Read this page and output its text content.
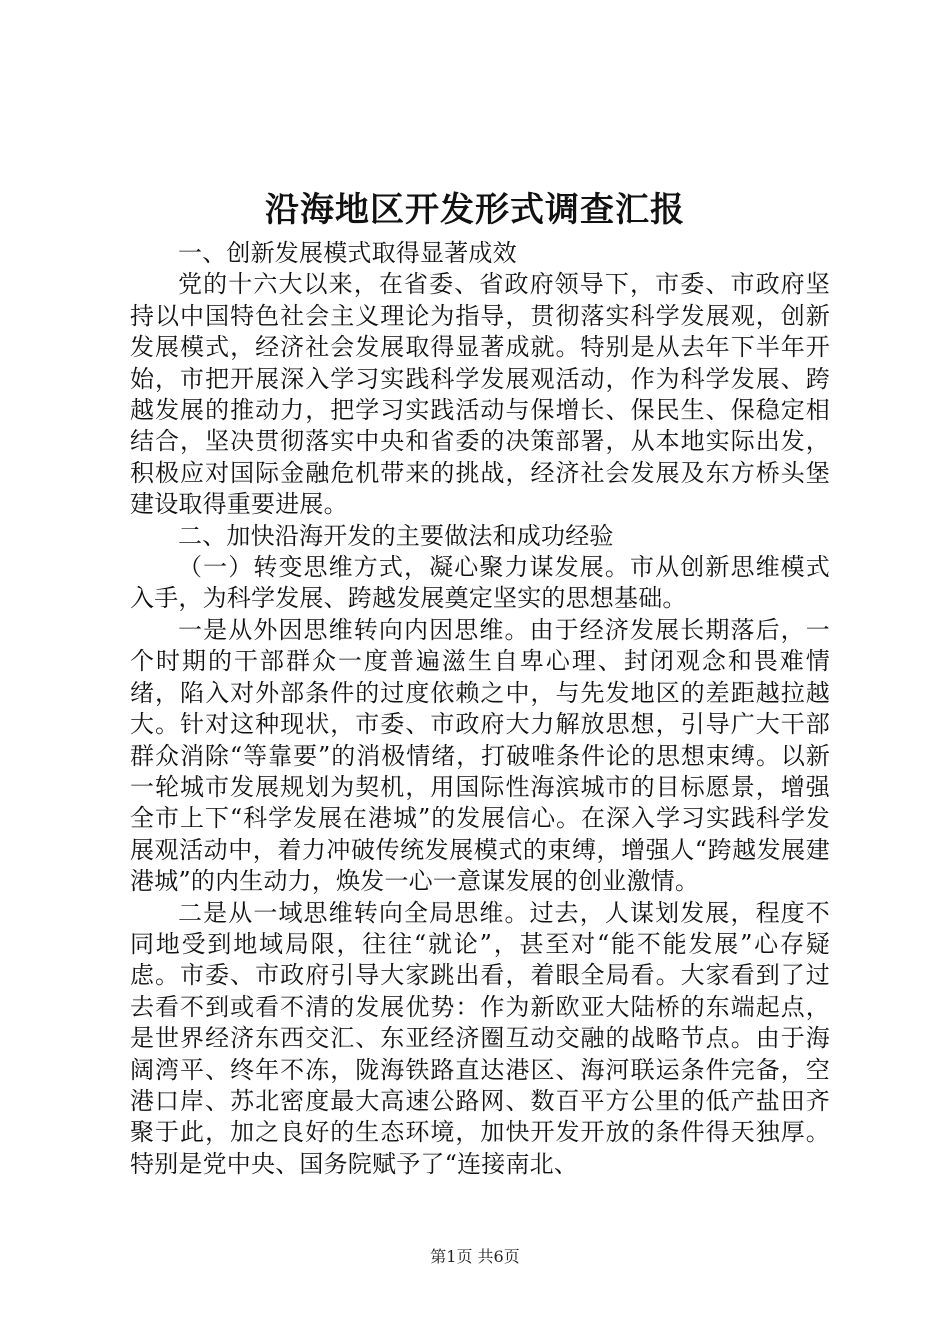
沿海地区开发形式调查汇报

一、创新发展模式取得显著成效

党的十六大以来，在省委、省政府领导下，市委、市政府坚持以中国特色社会主义理论为指导，贯彻落实科学发展观，创新发展模式，经济社会发展取得显著成就。特别是从去年下半年开始，市把开展深入学习实践科学发展观活动，作为科学发展、跨越发展的推动力，把学习实践活动与保增长、保民生、保稳定相结合，坚决贯彻落实中央和省委的决策部署，从本地实际出发，积极应对国际金融危机带来的挑战，经济社会发展及东方桥头堡建设取得重要进展。

二、加快沿海开发的主要做法和成功经验

（一）转变思维方式，凝心聚力谋发展。市从创新思维模式入手，为科学发展、跨越发展奠定坚实的思想基础。

一是从外因思维转向内因思维。由于经济发展长期落后，一个时期的干部群众一度普遍滋生自卑心理、封闭观念和畏难情绪，陷入对外部条件的过度依赖之中，与先发地区的差距越拉越大。针对这种现状，市委、市政府大力解放思想，引导广大干部群众消除“等靠要”的消极情绪，打破唯条件论的思想束缚。以新一轮城市发展规划为契机，用国际性海滨城市的目标愿景，增强全市上下“科学发展在港城”的发展信心。在深入学习实践科学发展观活动中，着力冲破传统发展模式的束缚，增强人“跨越发展建港城”的内生动力，焕发一心一意谋发展的创业激情。

二是从一域思维转向全局思维。过去，人谋划发展，程度不同地受到地域局限，往往“就论”，甚至对“能不能发展”心存疑虑。市委、市政府引导大家跳出看，着眼全局看。大家看到了过去看不到或看不清的发展优势：作为新欧亚大陆桥的东端起点，是世界经济东西交汇、东亚经济圈互动交融的战略节点。由于海阔湾平、终年不冻，陇海铁路直达港区、海河联运条件完备，空港口岸、苏北密度最大高速公路网、数百平方公里的低产盐田齐聚于此，加之良好的生态环境，加快开发开放的条件得天独厚。特别是党中央、国务院赋予了“连接南北、

第1页 共6页
